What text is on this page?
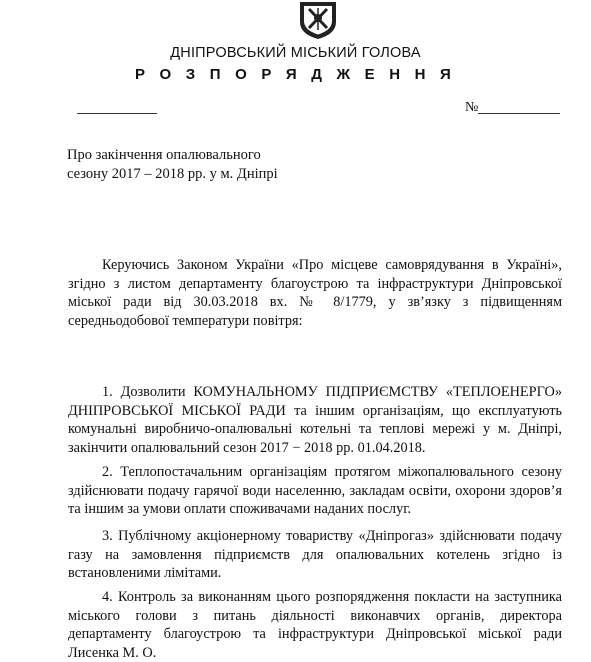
ДНІПРОВСЬКИЙ МІСЬКИЙ ГОЛОВА
Р О З П О Р Я Д Ж Е Н Н Я
№
Про закінчення опалювального
сезону 2017 – 2018 рр. у м. Дніпрі
Керуючись Законом України «Про місцеве самоврядування в Україні», згідно з листом департаменту благоустрою та інфраструктури Дніпровської міської ради від 30.03.2018 вх. № 8/1779, у зв’язку з підвищенням середньодобової температури повітря:
1. Дозволити КОМУНАЛЬНОМУ ПІДПРИЄМСТВУ «ТЕПЛОЕНЕРГО» ДНІПРОВСЬКОЇ МІСЬКОЇ РАДИ та іншим організаціям, що експлуатують комунальні виробничо-опалювальні котельні та теплові мережі у м. Дніпрі, закінчити опалювальний сезон 2017 − 2018 рр. 01.04.2018.
2. Теплопостачальним організаціям протягом міжопалювального сезону здійснювати подачу гарячої води населенню, закладам освіти, охорони здоров’я та іншим за умови оплати споживачами наданих послуг.
3. Публічному акціонерному товариству «Дніпрогаз» здійснювати подачу газу на замовлення підприємств для опалювальних котелень згідно із встановленими лімітами.
4. Контроль за виконанням цього розпорядження покласти на заступника міського голови з питань діяльності виконавчих органів, директора департаменту благоустрою та інфраструктури Дніпровської міської ради Лисенка М. О.
